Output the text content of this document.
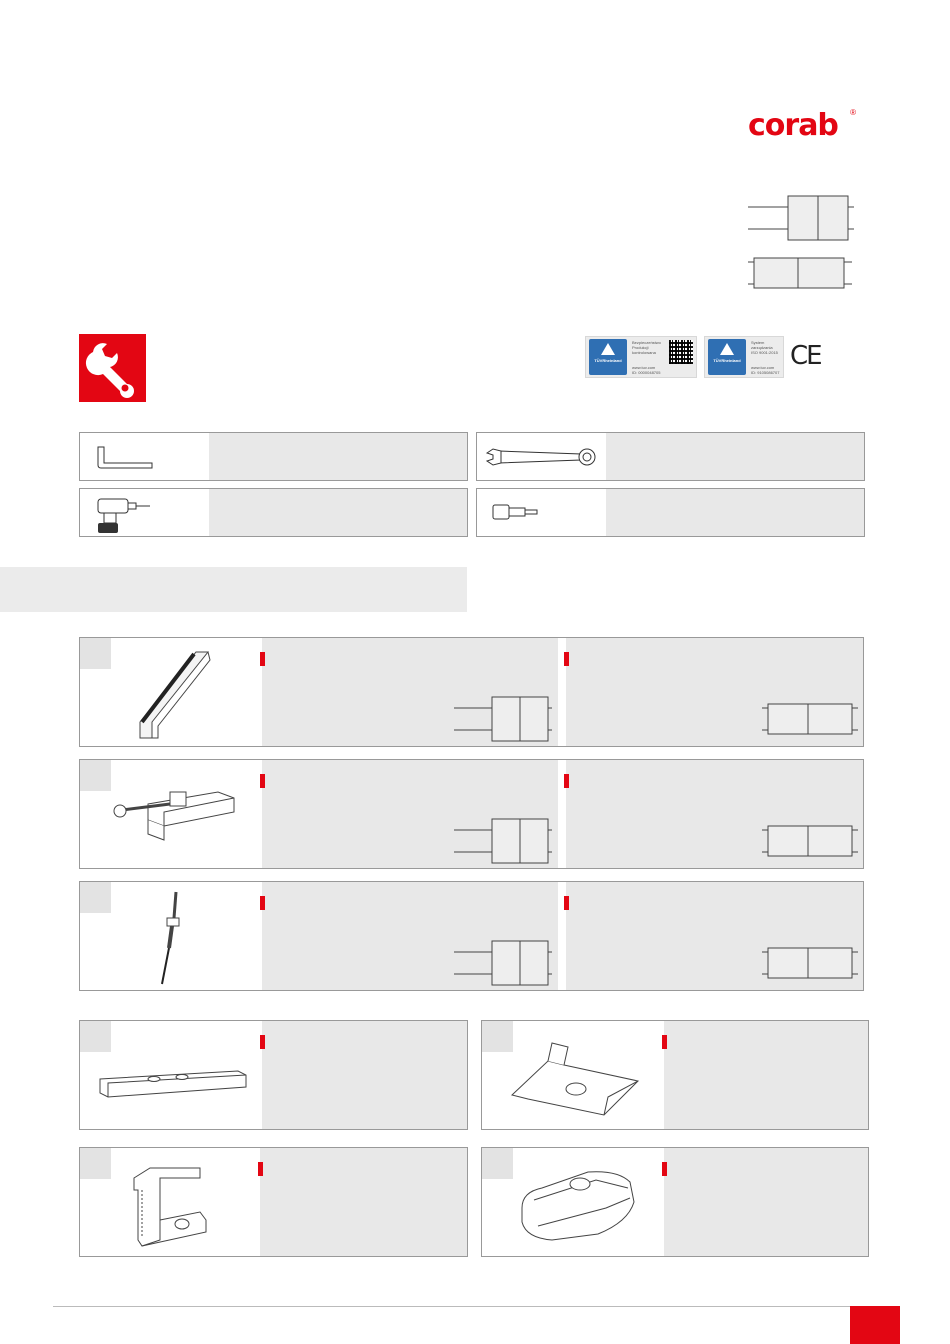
corab ®
TÜVRheinland
Bezpieczeństwo
Produkcji
kontrolowana
www.tuv.com
ID: 0000048705
TÜVRheinland
System
zarządzania
ISO 9001:2015
www.tuv.com
ID: 9105086707
CE
